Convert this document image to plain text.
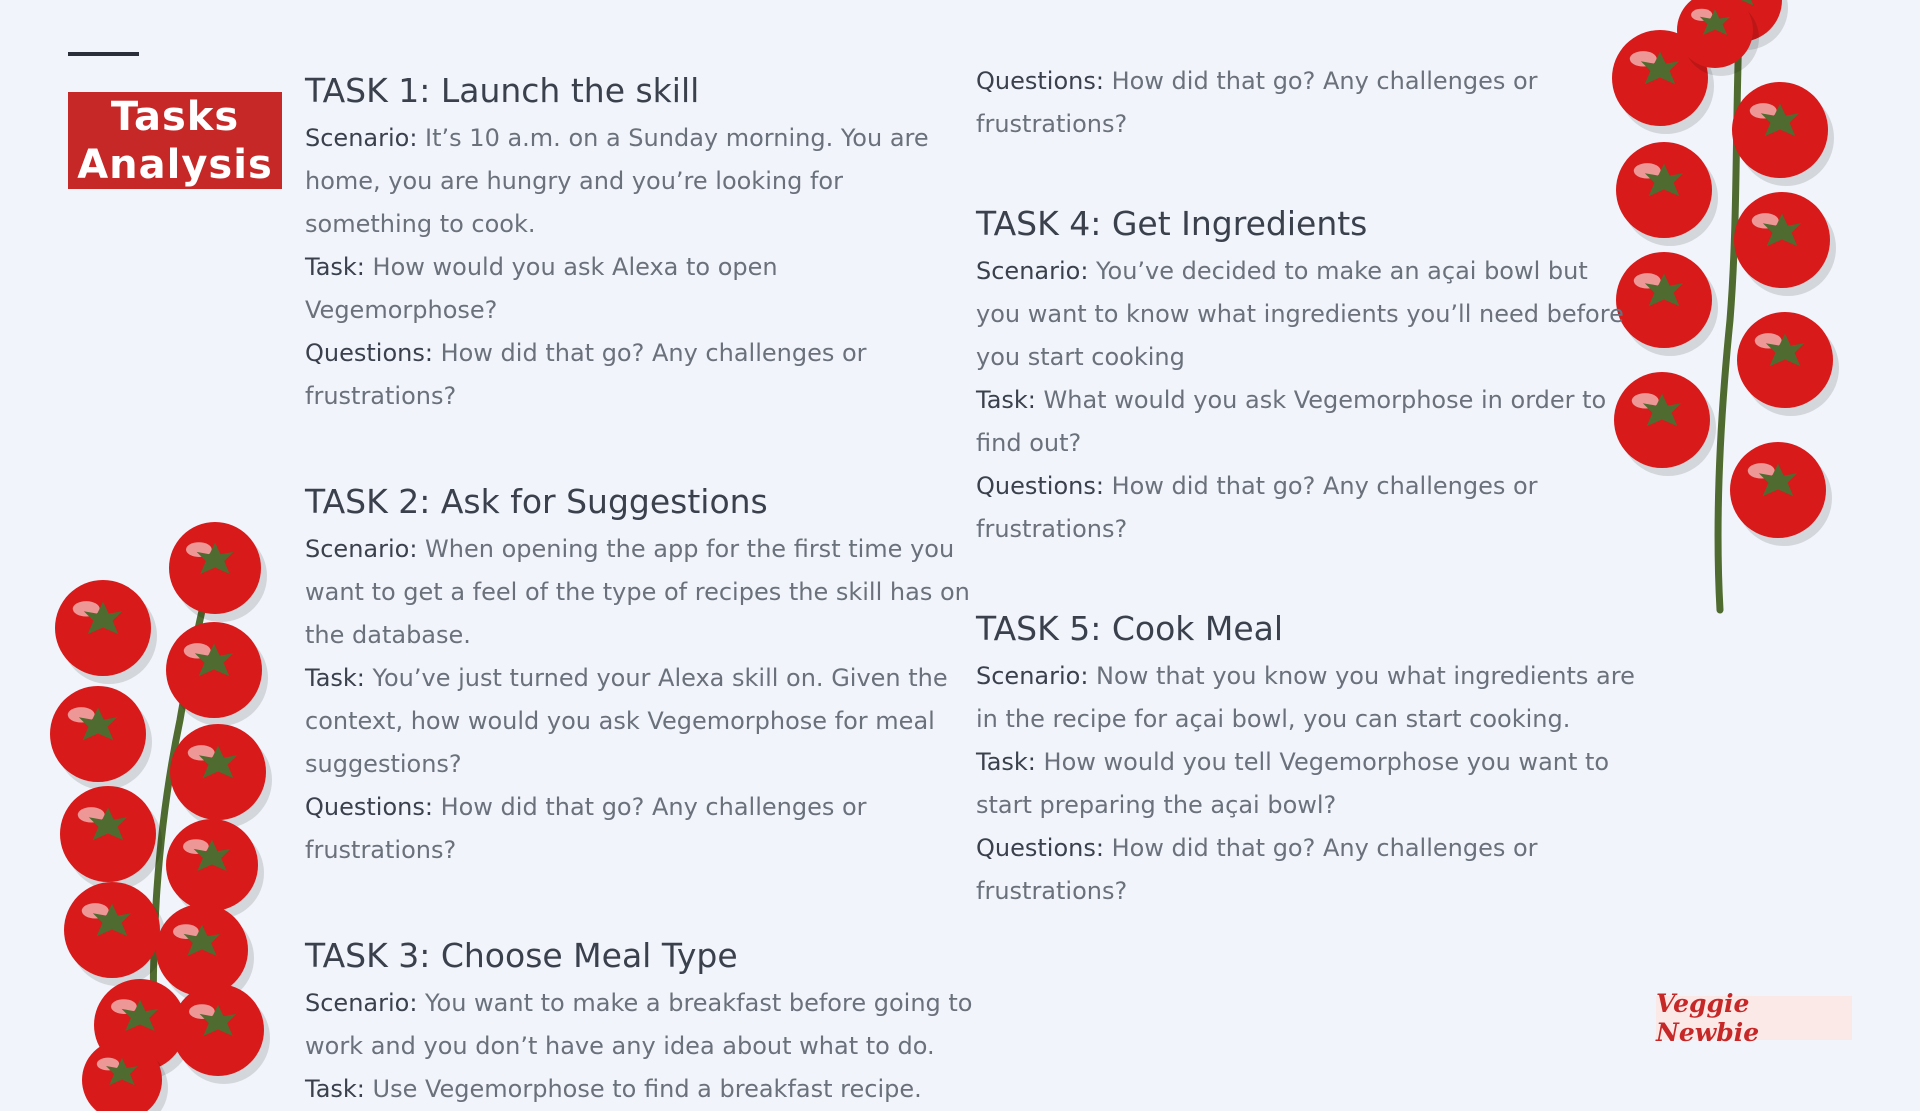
Tasks
Analysis
TASK 1: Launch the skill

Scenario: It’s 10 a.m. on a Sunday morning. You are home, you are hungry and you’re looking for something to cook.

Task: How would you ask Alexa to open Vegemorphose?

Questions: How did that go? Any challenges or frustrations?

TASK 2: Ask for Suggestions

Scenario: When opening the app for the first time you want to get a feel of the type of recipes the skill has on the database.

Task: You’ve just turned your Alexa skill on. Given the context, how would you ask Vegemorphose for meal suggestions?

Questions: How did that go? Any challenges or frustrations?

TASK 3: Choose Meal Type

Scenario: You want to make a breakfast before going to work and you don’t have any idea about what to do.

Task: Use Vegemorphose to find a breakfast recipe.

Questions: How did that go? Any challenges or frustrations?

TASK 4: Get Ingredients

Scenario: You’ve decided to make an açai bowl but you want to know what ingredients you’ll need before you start cooking

Task: What would you ask Vegemorphose in order to find out?

Questions: How did that go? Any challenges or frustrations?

TASK 5: Cook Meal

Scenario: Now that you know you what ingredients are in the recipe for açai bowl, you can start cooking.

Task: How would you tell Vegemorphose you want to start preparing the açai bowl?

Questions: How did that go? Any challenges or frustrations?

Veggie Newbie
